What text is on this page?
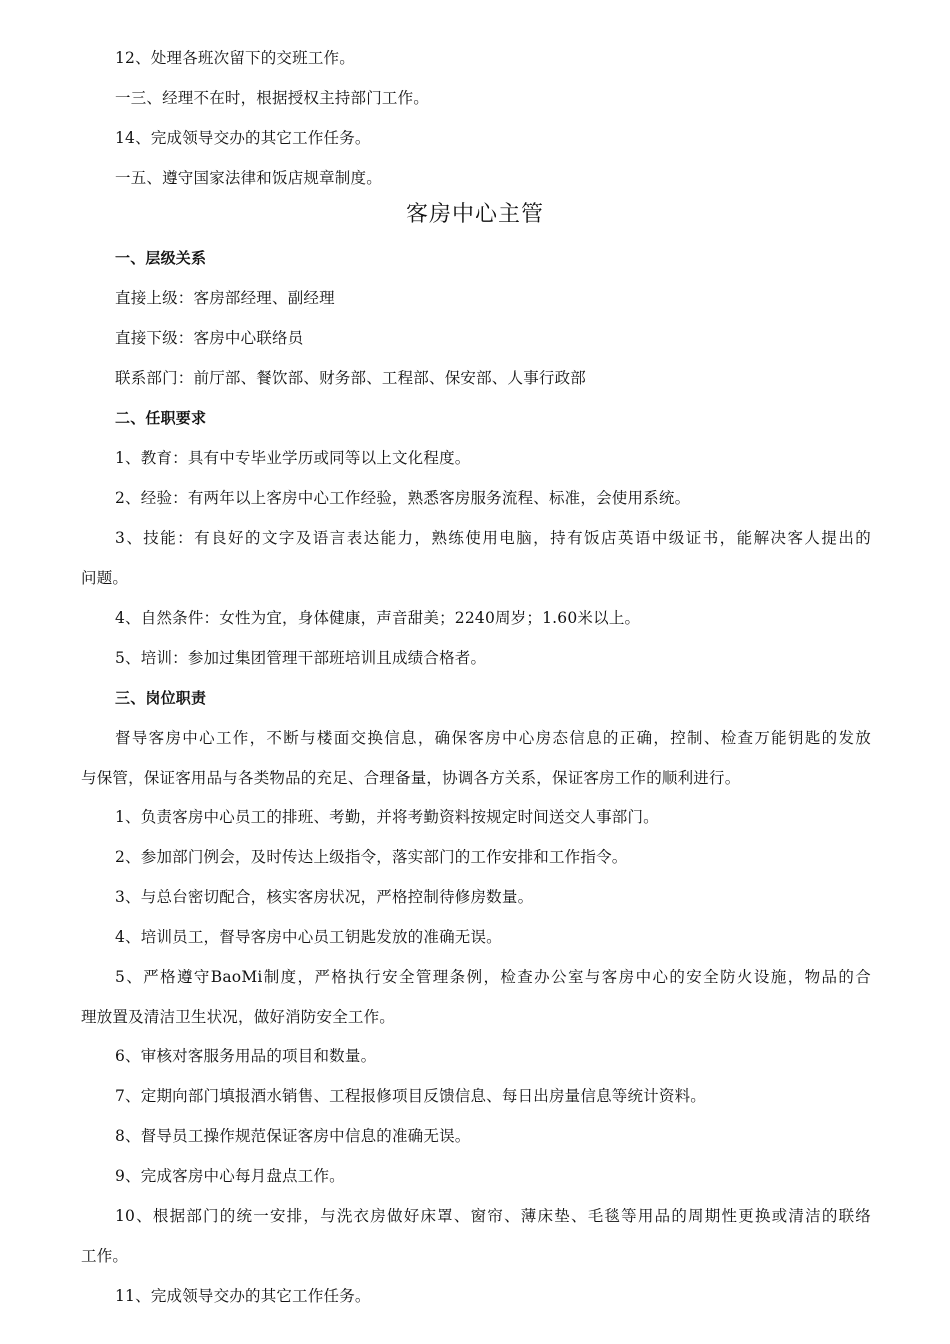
12、处理各班次留下的交班工作。
一三、经理不在时，根据授权主持部门工作。
14、完成领导交办的其它工作任务。
一五、遵守国家法律和饭店规章制度。
客房中心主管
一、层级关系
直接上级：客房部经理、副经理
直接下级：客房中心联络员
联系部门：前厅部、餐饮部、财务部、工程部、保安部、人事行政部
二、任职要求
1、教育：具有中专毕业学历或同等以上文化程度。
2、经验：有两年以上客房中心工作经验，熟悉客房服务流程、标准，会使用系统。
3、技能：有良好的文字及语言表达能力，熟练使用电脑，持有饭店英语中级证书，能解决客人提出的
问题。
4、自然条件：女性为宜，身体健康，声音甜美；2240周岁；1.60米以上。
5、培训：参加过集团管理干部班培训且成绩合格者。
三、岗位职责
督导客房中心工作，不断与楼面交换信息，确保客房中心房态信息的正确，控制、检查万能钥匙的发放
与保管，保证客用品与各类物品的充足、合理备量，协调各方关系，保证客房工作的顺利进行。
1、负责客房中心员工的排班、考勤，并将考勤资料按规定时间送交人事部门。
2、参加部门例会，及时传达上级指令，落实部门的工作安排和工作指令。
3、与总台密切配合，核实客房状况，严格控制待修房数量。
4、培训员工，督导客房中心员工钥匙发放的准确无误。
5、严格遵守BaoMi制度，严格执行安全管理条例，检查办公室与客房中心的安全防火设施，物品的合
理放置及清洁卫生状况，做好消防安全工作。
6、审核对客服务用品的项目和数量。
7、定期向部门填报酒水销售、工程报修项目反馈信息、每日出房量信息等统计资料。
8、督导员工操作规范保证客房中信息的准确无误。
9、完成客房中心每月盘点工作。
10、根据部门的统一安排，与洗衣房做好床罩、窗帘、薄床垫、毛毯等用品的周期性更换或清洁的联络
工作。
11、完成领导交办的其它工作任务。
